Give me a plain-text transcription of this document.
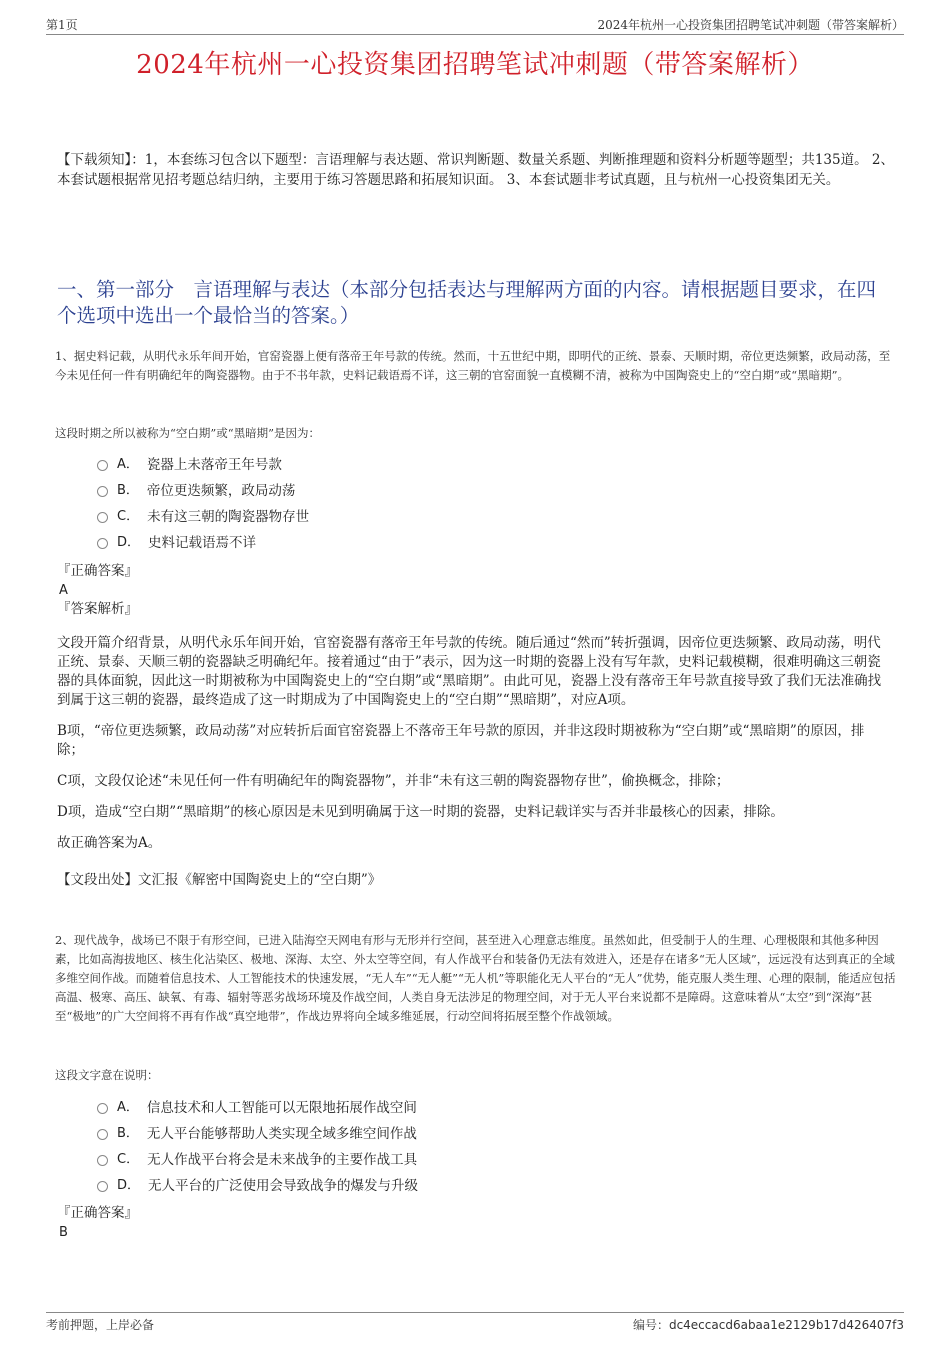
第1页	2024年杭州一心投资集团招聘笔试冲刺题（带答案解析）
2024年杭州一心投资集团招聘笔试冲刺题（带答案解析）
【下载须知】：1，本套练习包含以下题型：言语理解与表达题、常识判断题、数量关系题、判断推理题和资料分析题等题型；共135道。 2、本套试题根据常见招考题总结归纳，主要用于练习答题思路和拓展知识面。 3、本套试题非考试真题，且与杭州一心投资集团无关。
一、第一部分　言语理解与表达（本部分包括表达与理解两方面的内容。请根据题目要求，在四个选项中选出一个最恰当的答案。）
1、据史料记载，从明代永乐年间开始，官窑瓷器上便有落帝王年号款的传统。然而，十五世纪中期，即明代的正统、景泰、天顺时期，帝位更迭频繁，政局动荡，至今未见任何一件有明确纪年的陶瓷器物。由于不书年款，史料记载语焉不详，这三朝的官窑面貌一直模糊不清，被称为中国陶瓷史上的“空白期”或“黑暗期”。
这段时期之所以被称为“空白期”或“黑暗期”是因为：
A． 瓷器上未落帝王年号款
B． 帝位更迭频繁，政局动荡
C． 未有这三朝的陶瓷器物存世
D． 史料记载语焉不详
『正确答案』
A
『答案解析』

文段开篇介绍背景，从明代永乐年间开始，官窑瓷器有落帝王年号款的传统。随后通过“然而”转折强调，因帝位更迭频繁、政局动荡，明代正统、景泰、天顺三朝的瓷器缺乏明确纪年。接着通过“由于”表示，因为这一时期的瓷器上没有写年款，史料记载模糊，很难明确这三朝瓷器的具体面貌，因此这一时期被称为中国陶瓷史上的“空白期”或“黑暗期”。由此可见，瓷器上没有落帝王年号款直接导致了我们无法准确找到属于这三朝的瓷器，最终造成了这一时期成为了中国陶瓷史上的“空白期”“黑暗期”，对应A项。

B项，“帝位更迭频繁，政局动荡”对应转折后面官窑瓷器上不落帝王年号款的原因，并非这段时期被称为“空白期”或“黑暗期”的原因，排除；

C项，文段仅论述“未见任何一件有明确纪年的陶瓷器物”，并非“未有这三朝的陶瓷器物存世”，偷换概念，排除；

D项，造成“空白期”“黑暗期”的核心原因是未见到明确属于这一时期的瓷器，史料记载详实与否并非最核心的因素，排除。

故正确答案为A。

【文段出处】文汇报《解密中国陶瓷史上的“空白期”》

2、现代战争，战场已不限于有形空间，已进入陆海空天网电有形与无形并行空间，甚至进入心理意志维度。虽然如此，但受制于人的生理、心理极限和其他多种因素，比如高海拔地区、核生化沾染区、极地、深海、太空、外太空等空间，有人作战平台和装备仍无法有效进入，还是存在诸多“无人区域”，远远没有达到真正的全域多维空间作战。而随着信息技术、人工智能技术的快速发展，“无人车”“无人艇”“无人机”等职能化无人平台的“无人”优势，能克服人类生理、心理的限制，能适应包括高温、极寒、高压、缺氧、有毒、辐射等恶劣战场环境及作战空间，人类自身无法涉足的物理空间，对于无人平台来说都不是障碍。这意味着从“太空”到“深海”甚至“极地”的广大空间将不再有作战“真空地带”，作战边界将向全域多维延展，行动空间将拓展至整个作战领域。
这段文字意在说明：
A． 信息技术和人工智能可以无限地拓展作战空间
B． 无人平台能够帮助人类实现全域多维空间作战
C． 无人作战平台将会是未来战争的主要作战工具
D． 无人平台的广泛使用会导致战争的爆发与升级
『正确答案』
B
考前押题，上岸必备	编号：dc4eccacd6abaa1e2129b17d426407f3
